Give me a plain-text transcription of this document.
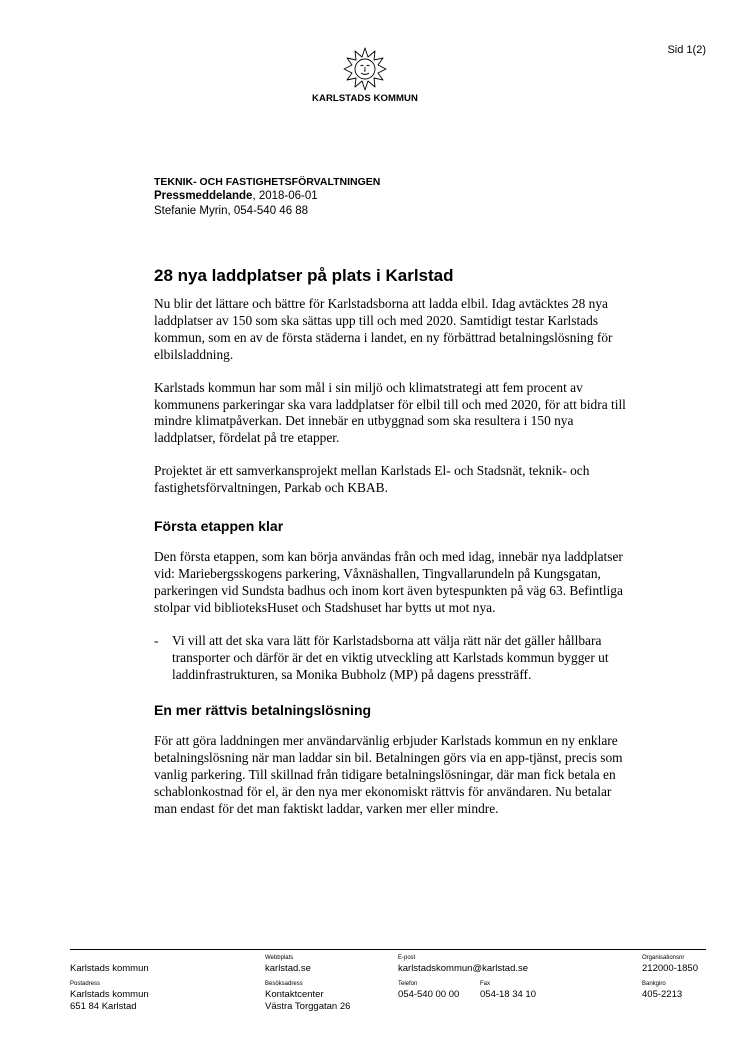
Sid 1(2)
KARLSTADS KOMMUN
TEKNIK- OCH FASTIGHETSFÖRVALTNINGEN
Pressmeddelande, 2018-06-01
Stefanie Myrin, 054-540 46 88
28 nya laddplatser på plats i Karlstad

Nu blir det lättare och bättre för Karlstadsborna att ladda elbil. Idag avtäcktes 28 nya laddplatser av 150 som ska sättas upp till och med 2020. Samtidigt testar Karlstads kommun, som en av de första städerna i landet, en ny förbättrad betalningslösning för elbilsladdning.

Karlstads kommun har som mål i sin miljö och klimatstrategi att fem procent av kommunens parkeringar ska vara laddplatser för elbil till och med 2020, för att bidra till mindre klimatpåverkan. Det innebär en utbyggnad som ska resultera i 150 nya laddplatser, fördelat på tre etapper.

Projektet är ett samverkansprojekt mellan Karlstads El- och Stadsnät, teknik- och fastighetsförvaltningen, Parkab och KBAB.

Första etappen klar

Den första etappen, som kan börja användas från och med idag, innebär nya laddplatser vid: Mariebergsskogens parkering, Våxnäshallen, Tingvallarundeln på Kungsgatan, parkeringen vid Sundsta badhus och inom kort även bytespunkten på väg 63. Befintliga stolpar vid biblioteksHuset och Stadshuset har bytts ut mot nya.

- Vi vill att det ska vara lätt för Karlstadsborna att välja rätt när det gäller hållbara transporter och därför är det en viktig utveckling att Karlstads kommun bygger ut laddinfrastrukturen, sa Monika Bubholz (MP) på dagens pressträff.

En mer rättvis betalningslösning

För att göra laddningen mer användarvänlig erbjuder Karlstads kommun en ny enklare betalningslösning när man laddar sin bil. Betalningen görs via en app-tjänst, precis som vanlig parkering. Till skillnad från tidigare betalningslösningar, där man fick betala en schablonkostnad för el, är den nya mer ekonomiskt rättvis för användaren. Nu betalar man endast för det man faktiskt laddar, varken mer eller mindre.

Karlstads kommun
Postadress
Karlstads kommun
651 84 Karlstad
Webbplats
karlstad.se
Besöksadress
Kontaktcenter
Västra Torggatan 26
E-post
karlstadskommun@karlstad.se
Telefon
054-540 00 00
Fax
054-18 34 10
Organisationsnr
212000-1850
Bankgiro
405-2213
